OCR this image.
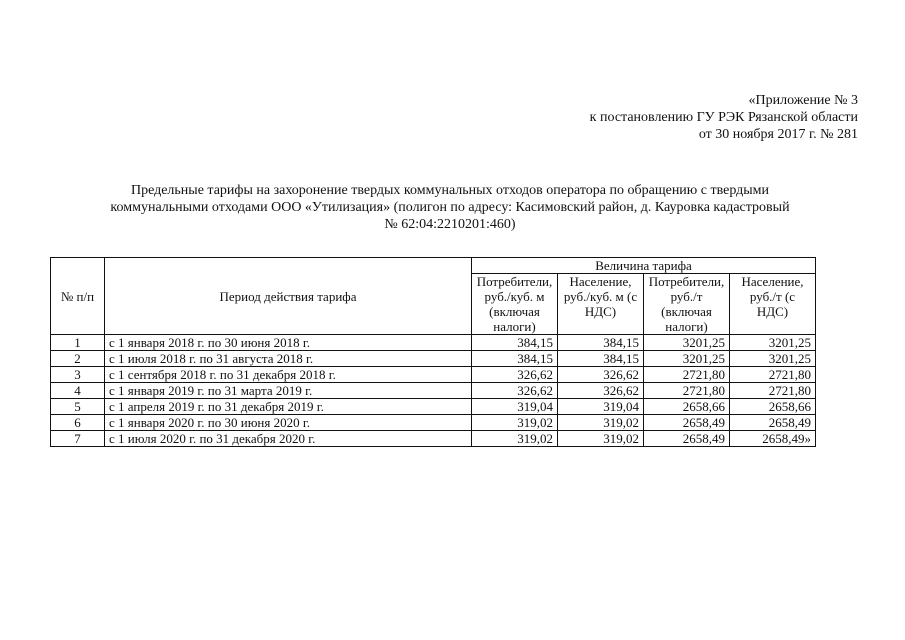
«Приложение № 3
к постановлению ГУ РЭК Рязанской области
от 30 ноября 2017 г. № 281
Предельные тарифы на захоронение твердых коммунальных отходов оператора по обращению с твердыми
коммунальными отходами ООО «Утилизация» (полигон по адресу: Касимовский район, д. Кауровка кадастровый
№ 62:04:2210201:460)
№ п/п	Период действия тарифа	Величина тарифа			
		Потребители, руб./куб. м (включая налоги)	Население, руб./куб. м (с НДС)	Потребители, руб./т (включая налоги)	Население, руб./т (с НДС)
1	с 1 января 2018 г. по 30 июня 2018 г.	384,15	384,15	3201,25	3201,25
2	с 1 июля 2018 г. по 31 августа 2018 г.	384,15	384,15	3201,25	3201,25
3	с 1 сентября 2018 г. по 31 декабря 2018 г.	326,62	326,62	2721,80	2721,80
4	с 1 января 2019 г. по 31 марта 2019 г.	326,62	326,62	2721,80	2721,80
5	с 1 апреля 2019 г. по 31 декабря 2019 г.	319,04	319,04	2658,66	2658,66
6	с 1 января 2020 г. по 30 июня 2020 г.	319,02	319,02	2658,49	2658,49
7	с 1 июля 2020 г. по 31 декабря 2020 г.	319,02	319,02	2658,49	2658,49»
